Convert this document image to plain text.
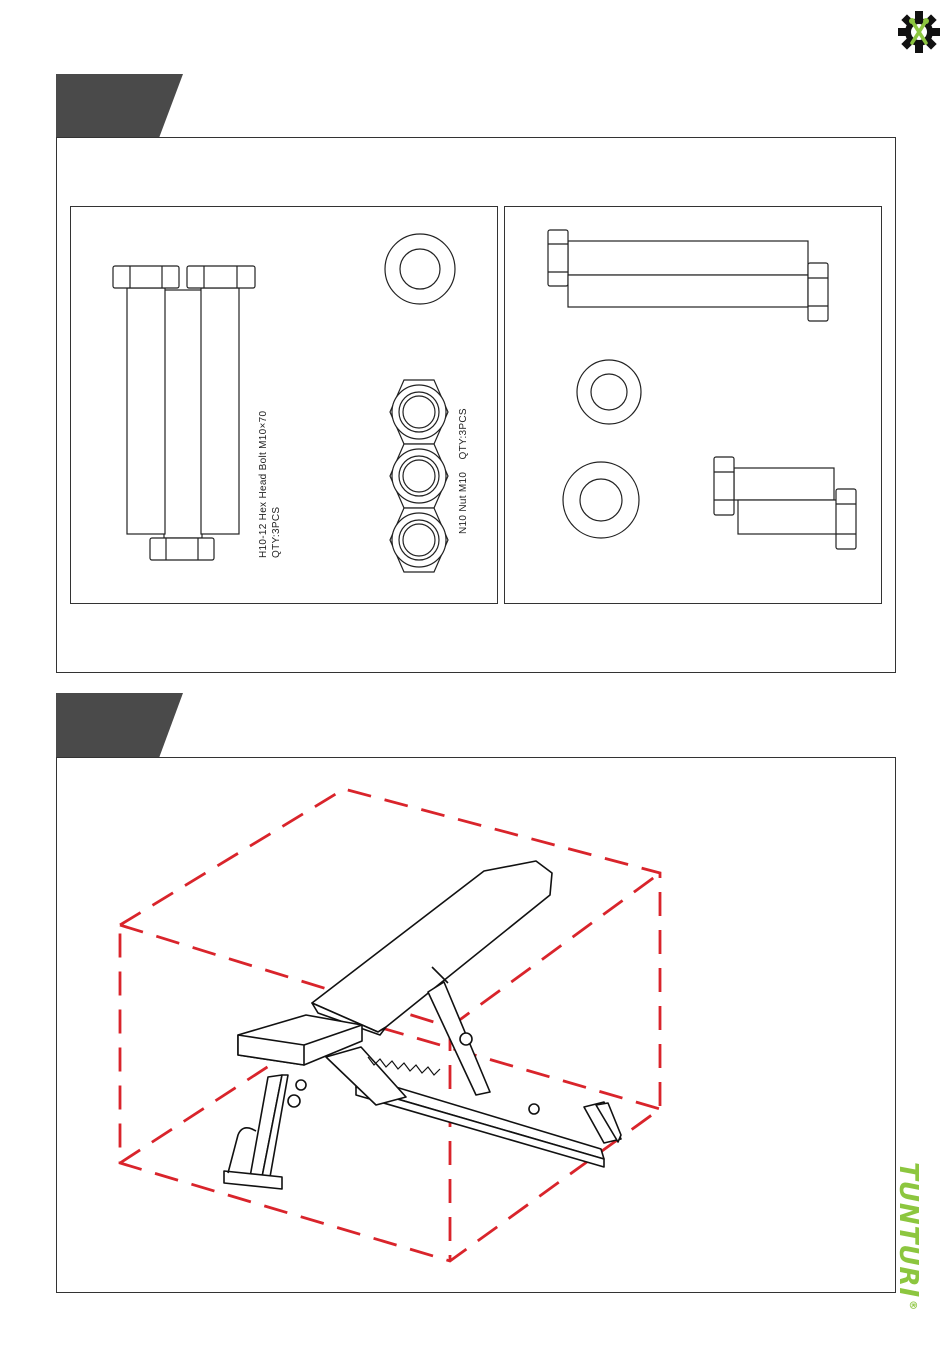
H10-12 Hex Head Bolt M10×70 QTY:3PCS	N10 Nut M10    QTY:3PCS
TUNTURI®
